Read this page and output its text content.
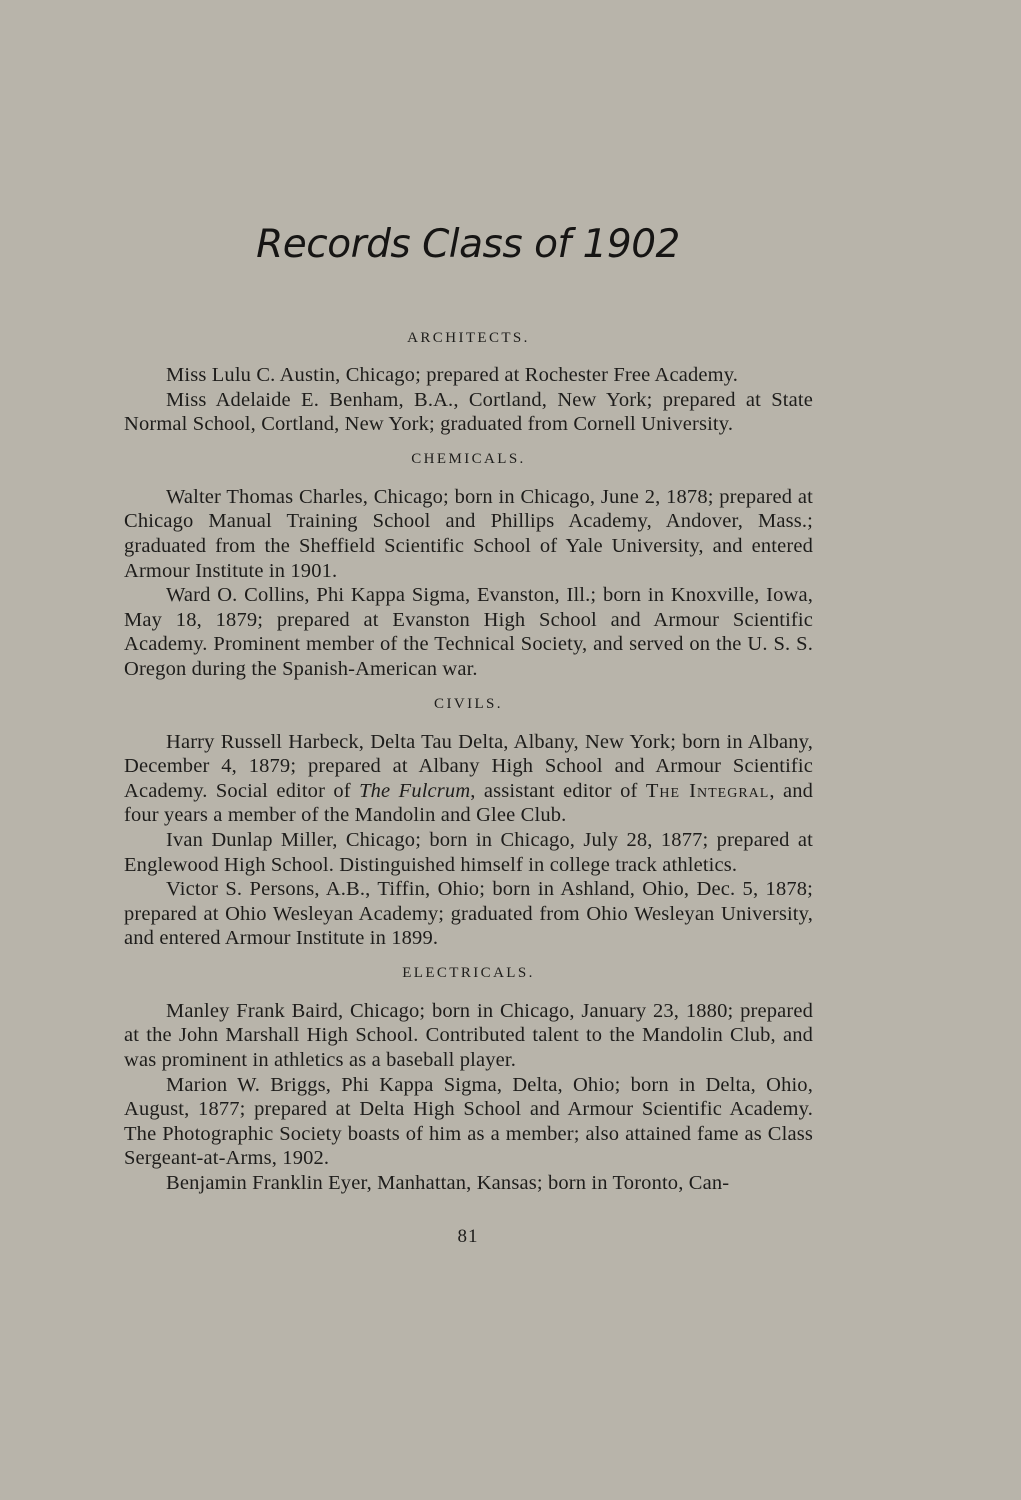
Records Class of 1902
ARCHITECTS.

Miss Lulu C. Austin, Chicago; prepared at Rochester Free Academy.

Miss Adelaide E. Benham, B.A., Cortland, New York; prepared at State Normal School, Cortland, New York; graduated from Cornell University.

CHEMICALS.

Walter Thomas Charles, Chicago; born in Chicago, June 2, 1878; prepared at Chicago Manual Training School and Phillips Academy, Andover, Mass.; graduated from the Sheffield Scientific School of Yale University, and entered Armour Institute in 1901.

Ward O. Collins, Phi Kappa Sigma, Evanston, Ill.; born in Knoxville, Iowa, May 18, 1879; prepared at Evanston High School and Armour Scientific Academy. Prominent member of the Technical Society, and served on the U. S. S. Oregon during the Spanish-American war.

CIVILS.

Harry Russell Harbeck, Delta Tau Delta, Albany, New York; born in Albany, December 4, 1879; prepared at Albany High School and Armour Scientific Academy. Social editor of The Fulcrum, assistant editor of The Integral, and four years a member of the Mandolin and Glee Club.

Ivan Dunlap Miller, Chicago; born in Chicago, July 28, 1877; prepared at Englewood High School. Distinguished himself in college track athletics.

Victor S. Persons, A.B., Tiffin, Ohio; born in Ashland, Ohio, Dec. 5, 1878; prepared at Ohio Wesleyan Academy; graduated from Ohio Wesleyan University, and entered Armour Institute in 1899.

ELECTRICALS.

Manley Frank Baird, Chicago; born in Chicago, January 23, 1880; prepared at the John Marshall High School. Contributed talent to the Mandolin Club, and was prominent in athletics as a baseball player.

Marion W. Briggs, Phi Kappa Sigma, Delta, Ohio; born in Delta, Ohio, August, 1877; prepared at Delta High School and Armour Scientific Academy. The Photographic Society boasts of him as a member; also attained fame as Class Sergeant-at-Arms, 1902.

Benjamin Franklin Eyer, Manhattan, Kansas; born in Toronto, Can-

81
